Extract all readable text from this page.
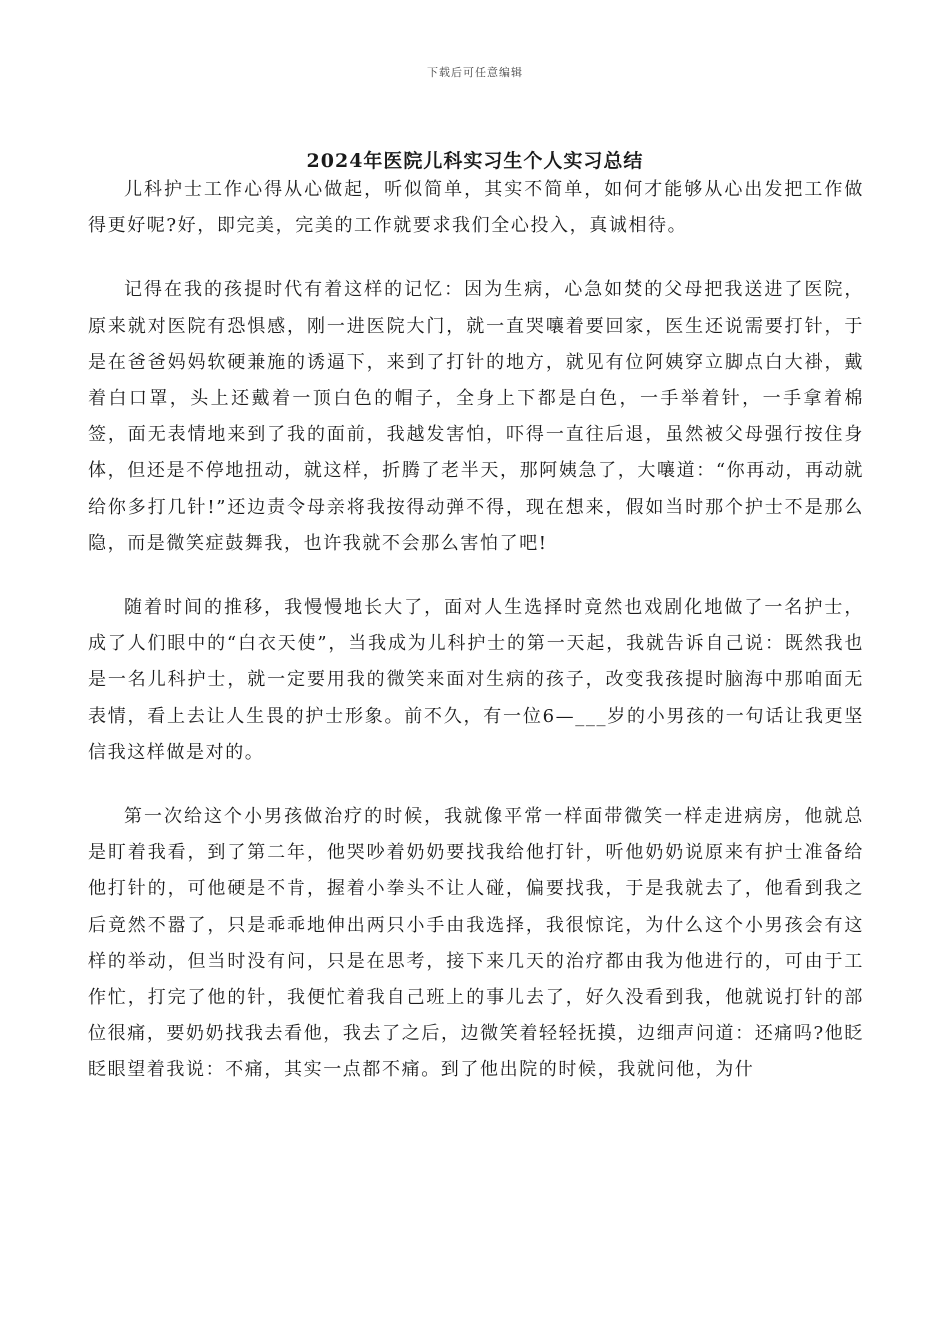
下载后可任意编辑
2024年医院儿科实习生个人实习总结

儿科护士工作心得从心做起，听似简单，其实不简单，如何才能够从心出发把工作做得更好呢?好，即完美，完美的工作就要求我们全心投入，真诚相待。

记得在我的孩提时代有着这样的记忆：因为生病，心急如焚的父母把我送进了医院，原来就对医院有恐惧感，刚一进医院大门，就一直哭嚷着要回家，医生还说需要打针，于是在爸爸妈妈软硬兼施的诱逼下，来到了打针的地方，就见有位阿姨穿立脚点白大褂，戴着白口罩，头上还戴着一顶白色的帽子，全身上下都是白色，一手举着针，一手拿着棉签，面无表情地来到了我的面前，我越发害怕，吓得一直往后退，虽然被父母强行按住身体，但还是不停地扭动，就这样，折腾了老半天，那阿姨急了，大嚷道：“你再动，再动就给你多打几针!”还边责令母亲将我按得动弹不得，现在想来，假如当时那个护士不是那么隐，而是微笑症鼓舞我，也许我就不会那么害怕了吧!

随着时间的推移，我慢慢地长大了，面对人生选择时竟然也戏剧化地做了一名护士，成了人们眼中的“白衣天使”，当我成为儿科护士的第一天起，我就告诉自己说：既然我也是一名儿科护士，就一定要用我的微笑来面对生病的孩子，改变我孩提时脑海中那咱面无表情，看上去让人生畏的护士形象。前不久，有一位6—___岁的小男孩的一句话让我更坚信我这样做是对的。

第一次给这个小男孩做治疗的时候，我就像平常一样面带微笑一样走进病房，他就总是盯着我看，到了第二年，他哭吵着奶奶要找我给他打针，听他奶奶说原来有护士准备给他打针的，可他硬是不肯，握着小拳头不让人碰，偏要找我，于是我就去了，他看到我之后竟然不嚣了，只是乖乖地伸出两只小手由我选择，我很惊诧，为什么这个小男孩会有这样的举动，但当时没有问，只是在思考，接下来几天的治疗都由我为他进行的，可由于工作忙，打完了他的针，我便忙着我自己班上的事儿去了，好久没看到我，他就说打针的部位很痛，要奶奶找我去看他，我去了之后，边微笑着轻轻抚摸，边细声问道：还痛吗?他眨眨眼望着我说：不痛，其实一点都不痛。到了他出院的时候，我就问他，为什
